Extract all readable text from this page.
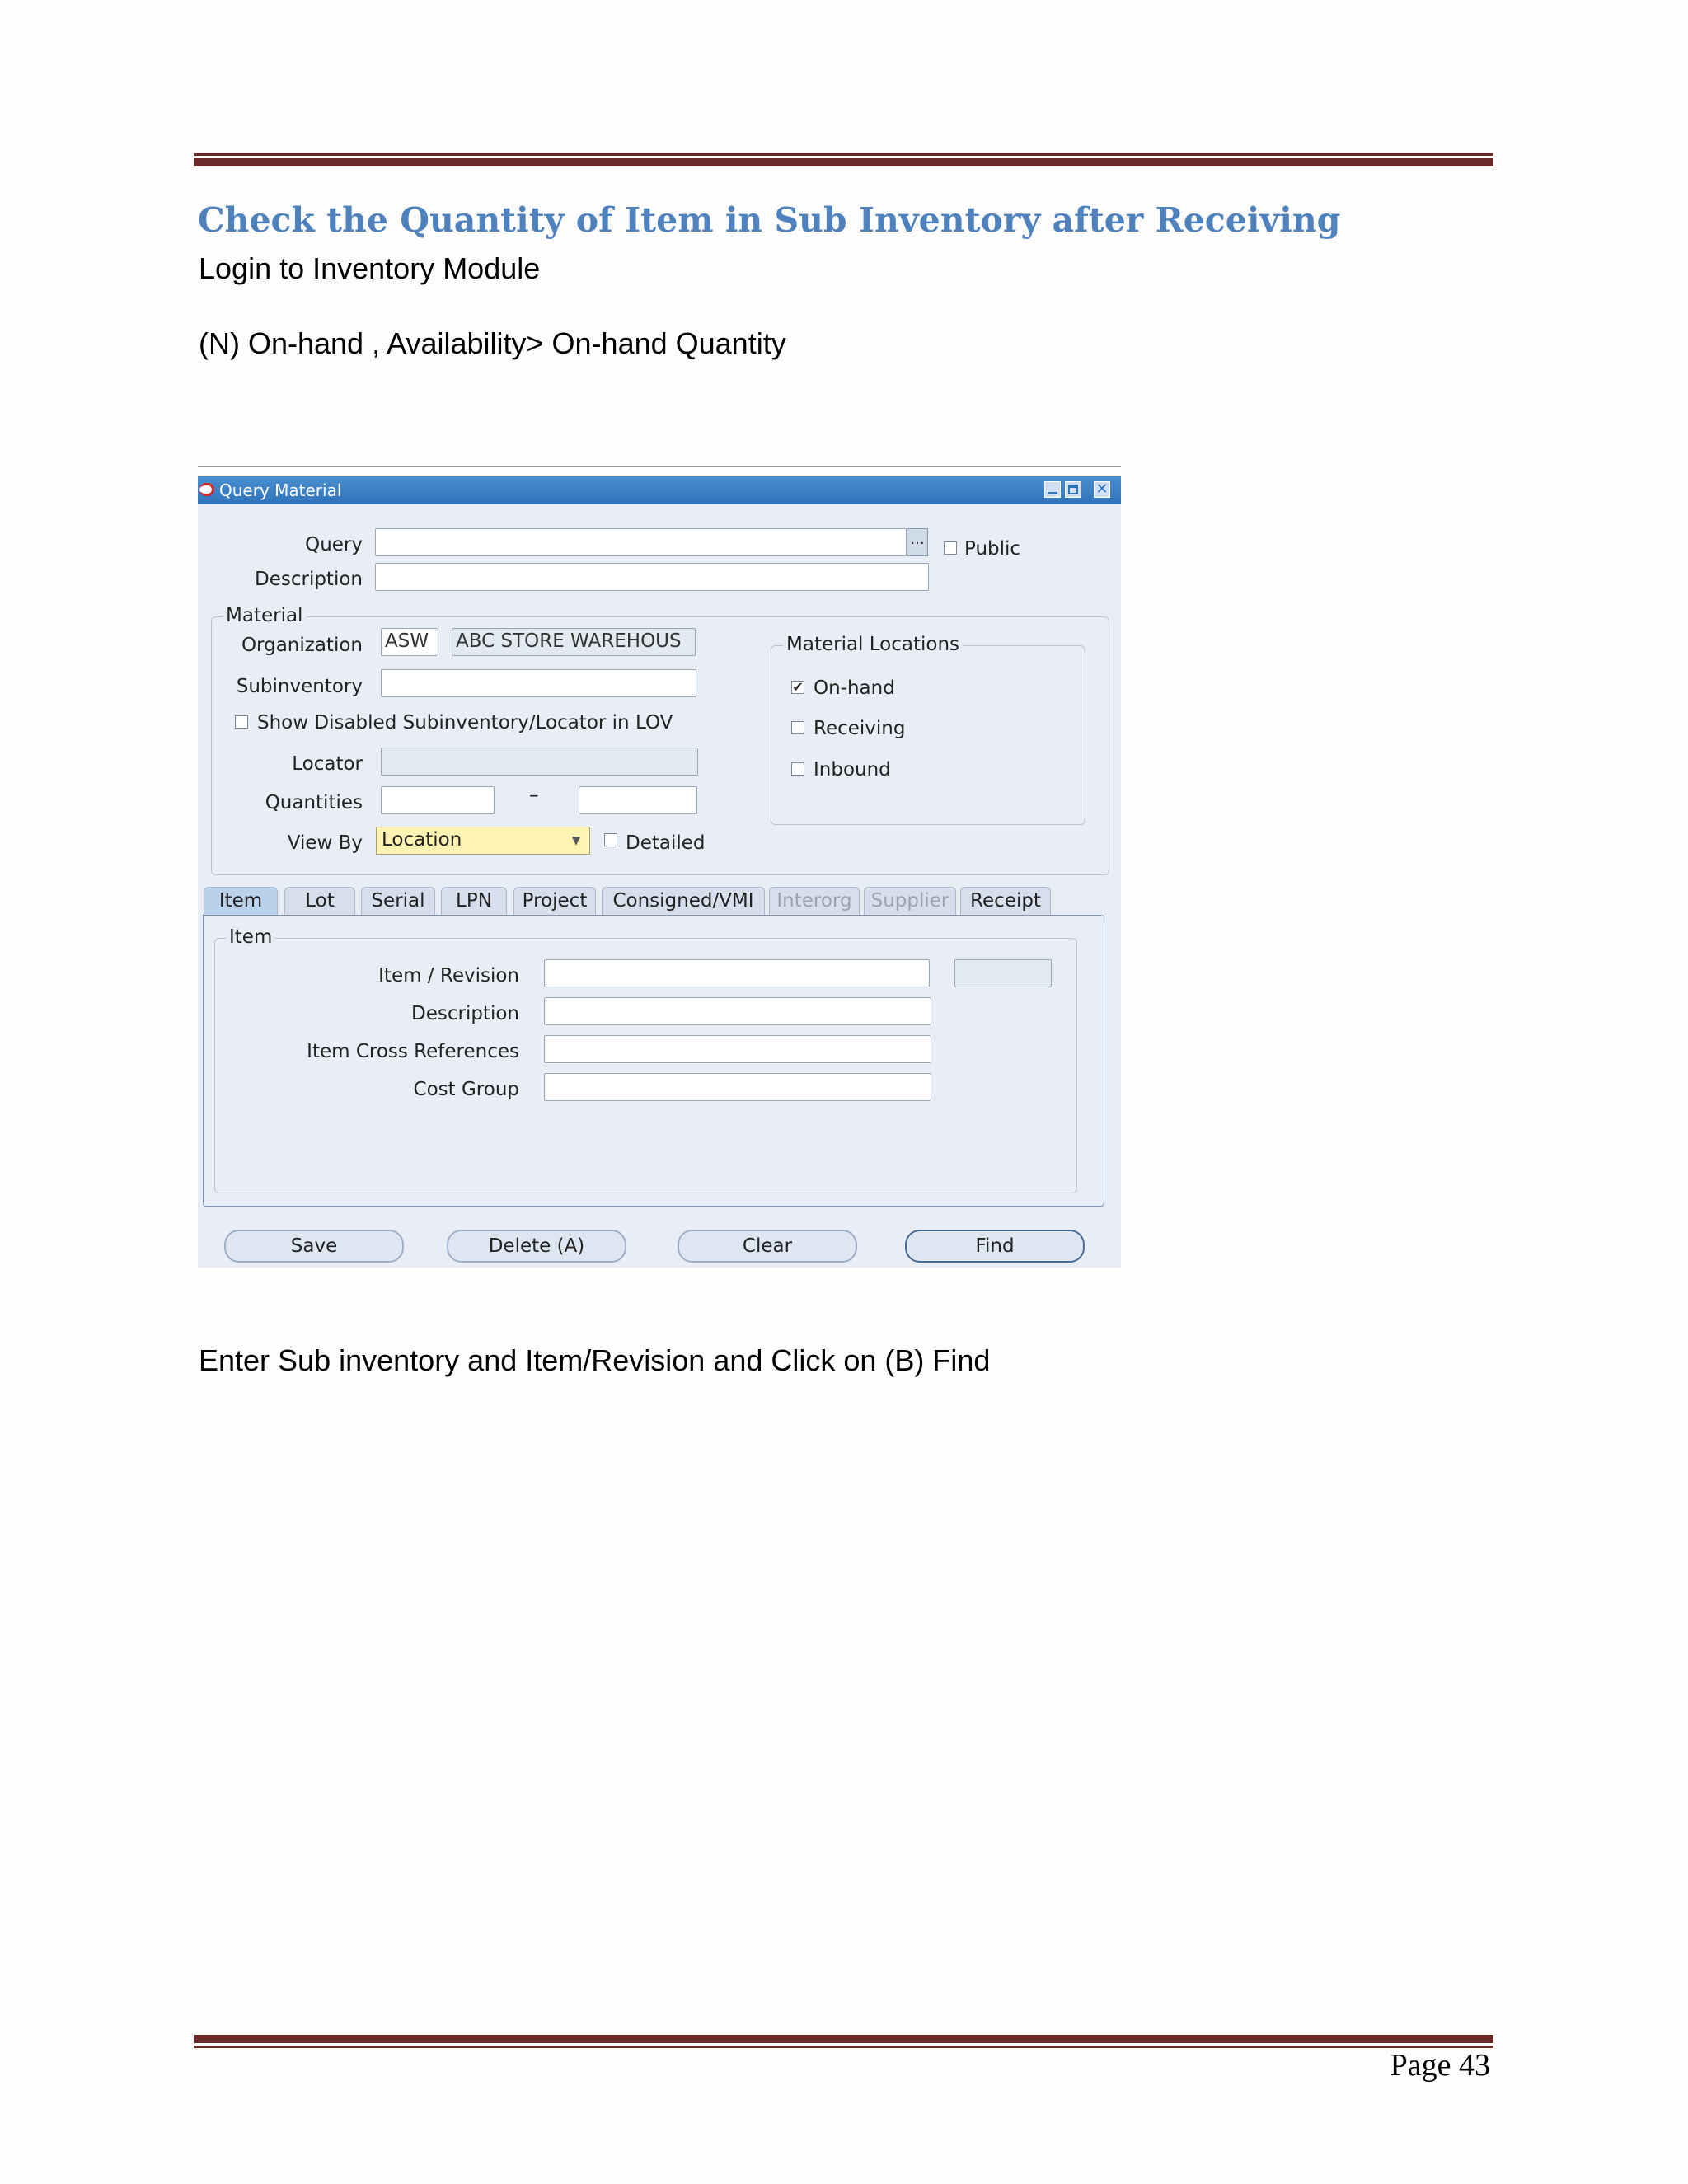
Check the Quantity of Item in Sub Inventory after Receiving
Login to Inventory Module
(N) On-hand , Availability> On-hand Quantity
Query Material	✕
Query	... Public
Description
Material
Organization ASW	ABC STORE WAREHOUS
Subinventory
Show Disabled Subinventory/Locator in LOV
Locator
Quantities	–
View By	Location	▼ Detailed
Material Locations
✔ On-hand
Receiving
Inbound
Item	Lot	Serial	LPN	Project	Consigned/VMI	Interorg	Supplier	Receipt
Item
Item / Revision
Description
Item Cross References
Cost Group
Save	Delete (A)	Clear	Find
Enter Sub inventory and Item/Revision and Click on (B) Find
Page 43
